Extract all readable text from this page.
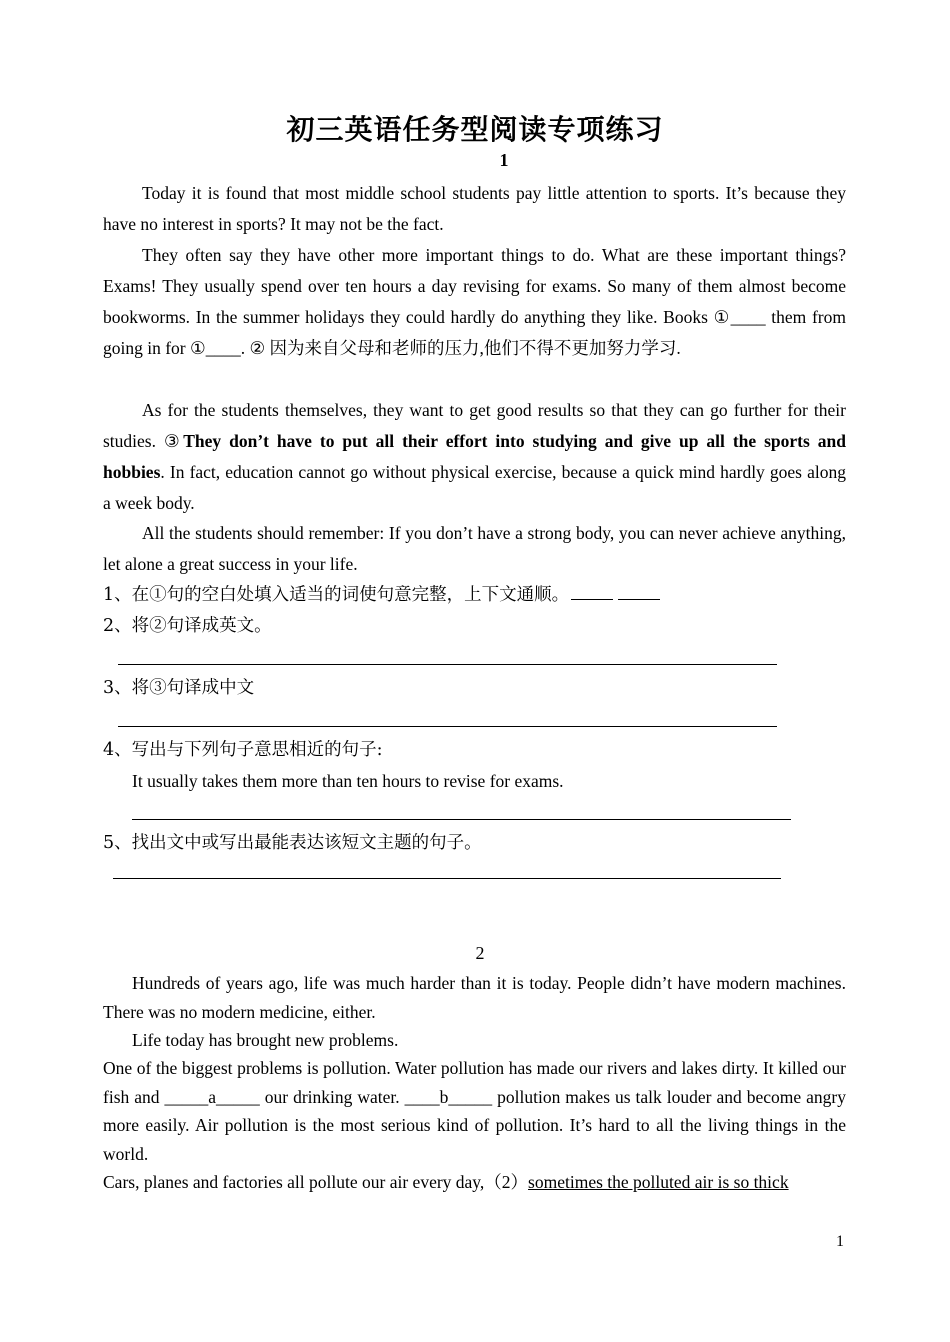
初三英语任务型阅读专项练习
1

Today it is found that most middle school students pay little attention to sports. It’s because they have no interest in sports? It may not be the fact.

They often say they have other more important things to do. What are these important things? Exams! They usually spend over ten hours a day revising for exams. So many of them almost become bookworms. In the summer holidays they could hardly do anything they like. Books ①____ them from going in for ①____. ② 因为来自父母和老师的压力,他们不得不更加努力学习.

As for the students themselves, they want to get good results so that they can go further for their studies. ③They don’t have to put all their effort into studying and give up all the sports and hobbies. In fact, education cannot go without physical exercise, because a quick mind hardly goes along a week body.

All the students should remember: If you don’t have a strong body, you can never achieve anything, let alone a great success in your life.

1、在①句的空白处填入适当的词使句意完整，上下文通顺。
2、将②句译成英文。
3、将③句译成中文
4、写出与下列句子意思相近的句子:
It usually takes them more than ten hours to revise for exams.
5、找出文中或写出最能表达该短文主题的句子。
2

Hundreds of years ago, life was much harder than it is today. People didn’t have modern machines. There was no modern medicine, either.

Life today has brought new problems.

One of the biggest problems is pollution. Water pollution has made our rivers and lakes dirty. It killed our fish and _____a_____ our drinking water. ____b_____ pollution makes us talk louder and become angry more easily. Air pollution is the most serious kind of pollution. It’s hard to all the living things in the world.

Cars, planes and factories all pollute our air every day,（2）sometimes the polluted air is so thick

1
